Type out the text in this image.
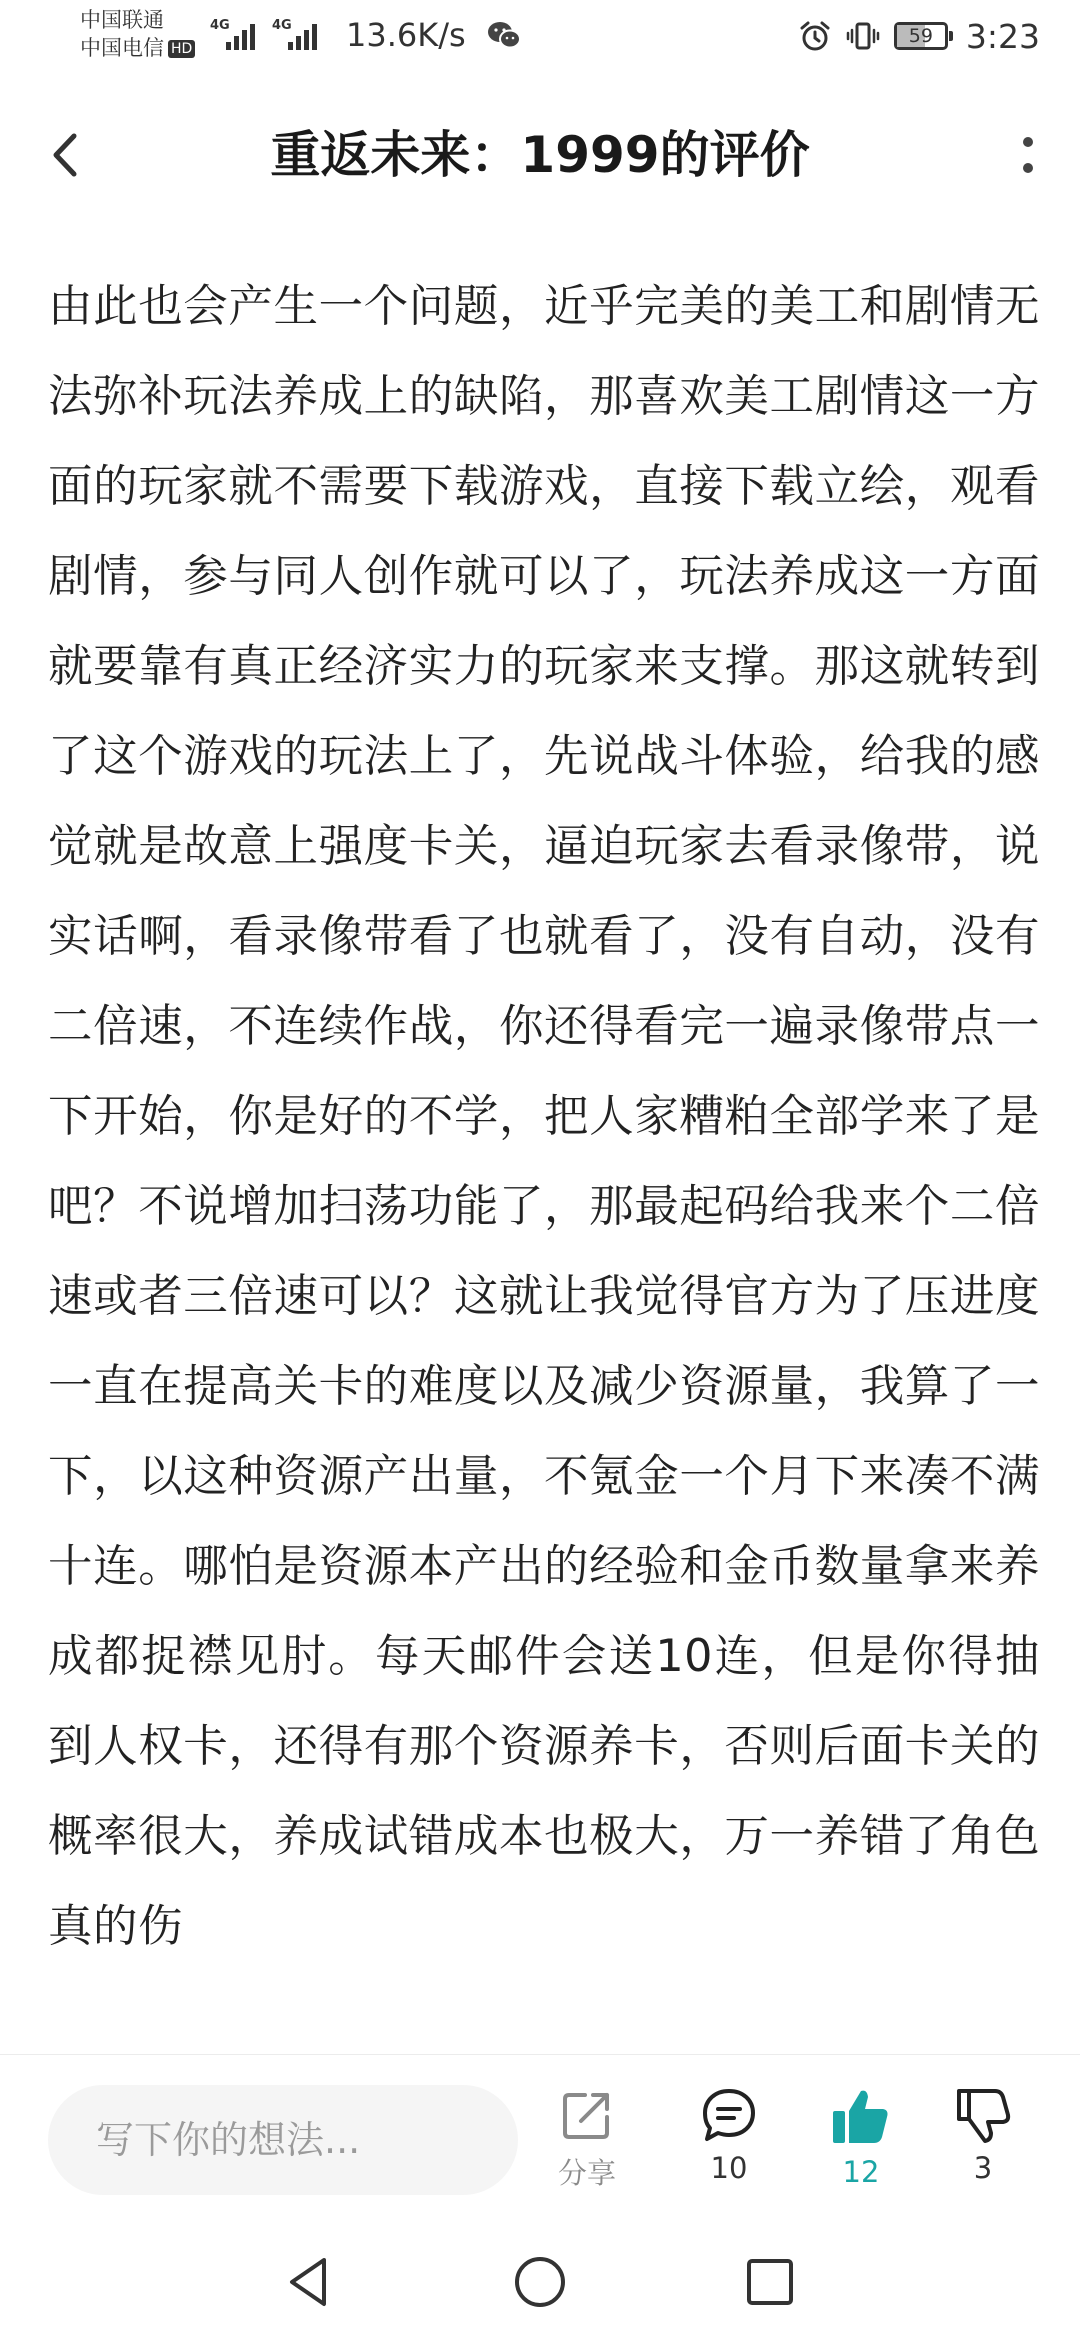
中国联通
中国电信 HD
4G	4G 13.6K/s	59 3:23
重返未来：1999的评价

由此也会产生一个问题，近乎完美的美工和剧情无法弥补玩法养成上的缺陷，那喜欢美工剧情这一方面的玩家就不需要下载游戏，直接下载立绘，观看剧情，参与同人创作就可以了，玩法养成这一方面就要靠有真正经济实力的玩家来支撑。那这就转到了这个游戏的玩法上了，先说战斗体验，给我的感觉就是故意上强度卡关，逼迫玩家去看录像带，说实话啊，看录像带看了也就看了，没有自动，没有二倍速，不连续作战，你还得看完一遍录像带点一下开始，你是好的不学，把人家糟粕全部学来了是吧？不说增加扫荡功能了，那最起码给我来个二倍速或者三倍速可以？这就让我觉得官方为了压进度一直在提高关卡的难度以及减少资源量，我算了一下，以这种资源产出量，不氪金一个月下来凑不满十连。哪怕是资源本产出的经验和金币数量拿来养成都捉襟见肘。每天邮件会送10连，但是你得抽到人权卡，还得有那个资源养卡，否则后面卡关的概率很大，养成试错成本也极大，万一养错了角色真的伤

写下你的想法...
分享	10	12	3
